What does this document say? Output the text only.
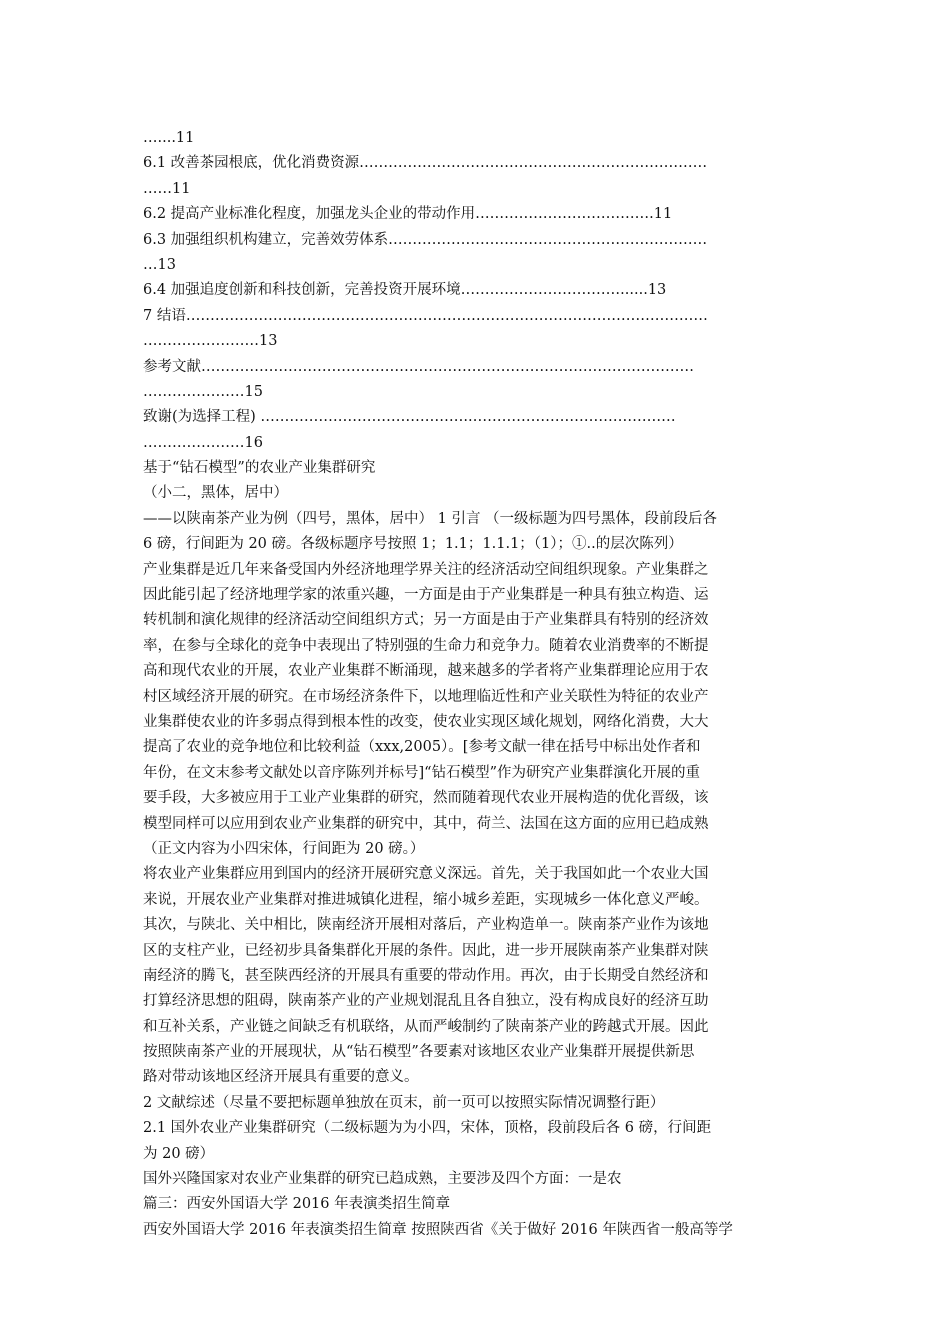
…....11
6.1 改善茶园根底，优化消费资源………………………………………………………………
……11
6.2 提高产业标准化程度，加强龙头企业的带动作用……………………………….11
6.3 加强组织机构建立，完善效劳体系…………………………………………………………
…13
6.4 加强追度创新和科技创新，完善投资开展环境……………………………......13
7 结语………………………………………………………………………………………………
……………………13
参考文献…………………………………………………………………………………………
…………………15
致谢(为选择工程) ……………………………………..……………………………………
…………………16
基于“钻石模型”的农业产业集群研究
（小二，黑体，居中）
——以陕南茶产业为例（四号，黑体，居中） 1 引言 （一级标题为四号黑体，段前段后各
6 磅，行间距为 20 磅。各级标题序号按照 1；1.1；1.1.1；（1）；①..的层次陈列）
产业集群是近几年来备受国内外经济地理学界关注的经济活动空间组织现象。产业集群之
因此能引起了经济地理学家的浓重兴趣，一方面是由于产业集群是一种具有独立构造、运
转机制和演化规律的经济活动空间组织方式；另一方面是由于产业集群具有特别的经济效
率，在参与全球化的竞争中表现出了特别强的生命力和竞争力。随着农业消费率的不断提
高和现代农业的开展，农业产业集群不断涌现，越来越多的学者将产业集群理论应用于农
村区域经济开展的研究。在市场经济条件下，以地理临近性和产业关联性为特征的农业产
业集群使农业的许多弱点得到根本性的改变，使农业实现区域化规划，网络化消费，大大
提高了农业的竞争地位和比较利益（xxx,2005）。[参考文献一律在括号中标出处作者和
年份，在文末参考文献处以音序陈列并标号]“钻石模型”作为研究产业集群演化开展的重
要手段，大多被应用于工业产业集群的研究，然而随着现代农业开展构造的优化晋级，该
模型同样可以应用到农业产业集群的研究中，其中，荷兰、法国在这方面的应用已趋成熟
（正文内容为小四宋体，行间距为 20 磅。）
将农业产业集群应用到国内的经济开展研究意义深远。首先，关于我国如此一个农业大国
来说，开展农业产业集群对推进城镇化进程，缩小城乡差距，实现城乡一体化意义严峻。
其次，与陕北、关中相比，陕南经济开展相对落后，产业构造单一。陕南茶产业作为该地
区的支柱产业，已经初步具备集群化开展的条件。因此，进一步开展陕南茶产业集群对陕
南经济的腾飞，甚至陕西经济的开展具有重要的带动作用。再次，由于长期受自然经济和
打算经济思想的阻碍，陕南茶产业的产业规划混乱且各自独立，没有构成良好的经济互助
和互补关系，产业链之间缺乏有机联络，从而严峻制约了陕南茶产业的跨越式开展。因此
按照陕南茶产业的开展现状，从“钻石模型”各要素对该地区农业产业集群开展提供新思
路对带动该地区经济开展具有重要的意义。
2 文献综述（尽量不要把标题单独放在页末，前一页可以按照实际情况调整行距）
2.1 国外农业产业集群研究（二级标题为为小四，宋体，顶格，段前段后各 6 磅，行间距
为 20 磅）
国外兴隆国家对农业产业集群的研究已趋成熟，主要涉及四个方面：一是农
篇三：西安外国语大学 2016 年表演类招生简章
西安外国语大学 2016 年表演类招生简章 按照陕西省《关于做好 2016 年陕西省一般高等学
